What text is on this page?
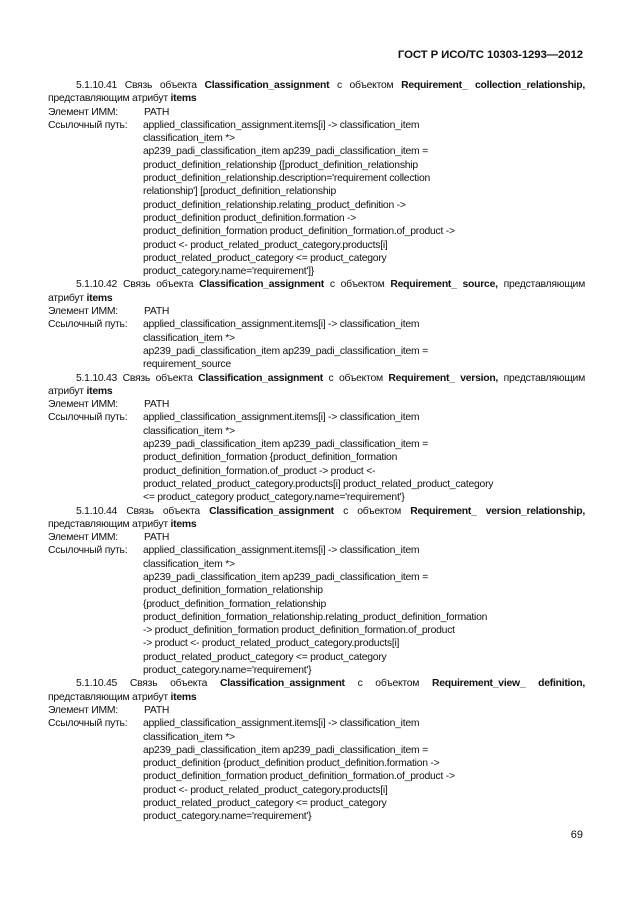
ГОСТ Р ИСО/ТС 10303-1293—2012
5.1.10.41 Связь объекта Classification_assignment с объектом Requirement_ collection_relationship, представляющим атрибут items
Элемент ИММ:	PATH
Ссылочный путь: applied_classification_assignment.items[i] -> classification_item
classification_item *>
ap239_padi_classification_item ap239_padi_classification_item =
product_definition_relationship {[product_definition_relationship
product_definition_relationship.description='requirement collection
relationship'] [product_definition_relationship
product_definition_relationship.relating_product_definition ->
product_definition product_definition.formation ->
product_definition_formation product_definition_formation.of_product ->
product <- product_related_product_category.products[i]
product_related_product_category <= product_category
product_category.name='requirement']}
5.1.10.42 Связь объекта Classification_assignment с объектом Requirement_ source, представляющим атрибут items
Элемент ИММ:	PATH
Ссылочный путь: applied_classification_assignment.items[i] -> classification_item
classification_item *>
ap239_padi_classification_item ap239_padi_classification_item =
requirement_source
5.1.10.43 Связь объекта Classification_assignment с объектом Requirement_ version, представляющим атрибут items
Элемент ИММ:	PATH
Ссылочный путь: applied_classification_assignment.items[i] -> classification_item
classification_item *>
ap239_padi_classification_item ap239_padi_classification_item =
product_definition_formation {product_definition_formation
product_definition_formation.of_product -> product <-
product_related_product_category.products[i] product_related_product_category
<= product_category product_category.name='requirement'}
5.1.10.44 Связь объекта Classification_assignment с объектом Requirement_ version_relationship, представляющим атрибут items
Элемент ИММ:	PATH
Ссылочный путь: applied_classification_assignment.items[i] -> classification_item
classification_item *>
ap239_padi_classification_item ap239_padi_classification_item =
product_definition_formation_relationship
{product_definition_formation_relationship
product_definition_formation_relationship.relating_product_definition_formation
-> product_definition_formation product_definition_formation.of_product
-> product <- product_related_product_category.products[i]
product_related_product_category <= product_category
product_category.name='requirement'}
5.1.10.45 Связь объекта Classification_assignment с объектом Requirement_view_ definition, представляющим атрибут items
Элемент ИММ:	PATH
Ссылочный путь: applied_classification_assignment.items[i] -> classification_item
classification_item *>
ap239_padi_classification_item ap239_padi_classification_item =
product_definition {product_definition product_definition.formation ->
product_definition_formation product_definition_formation.of_product ->
product <- product_related_product_category.products[i]
product_related_product_category <= product_category
product_category.name='requirement'}
69
